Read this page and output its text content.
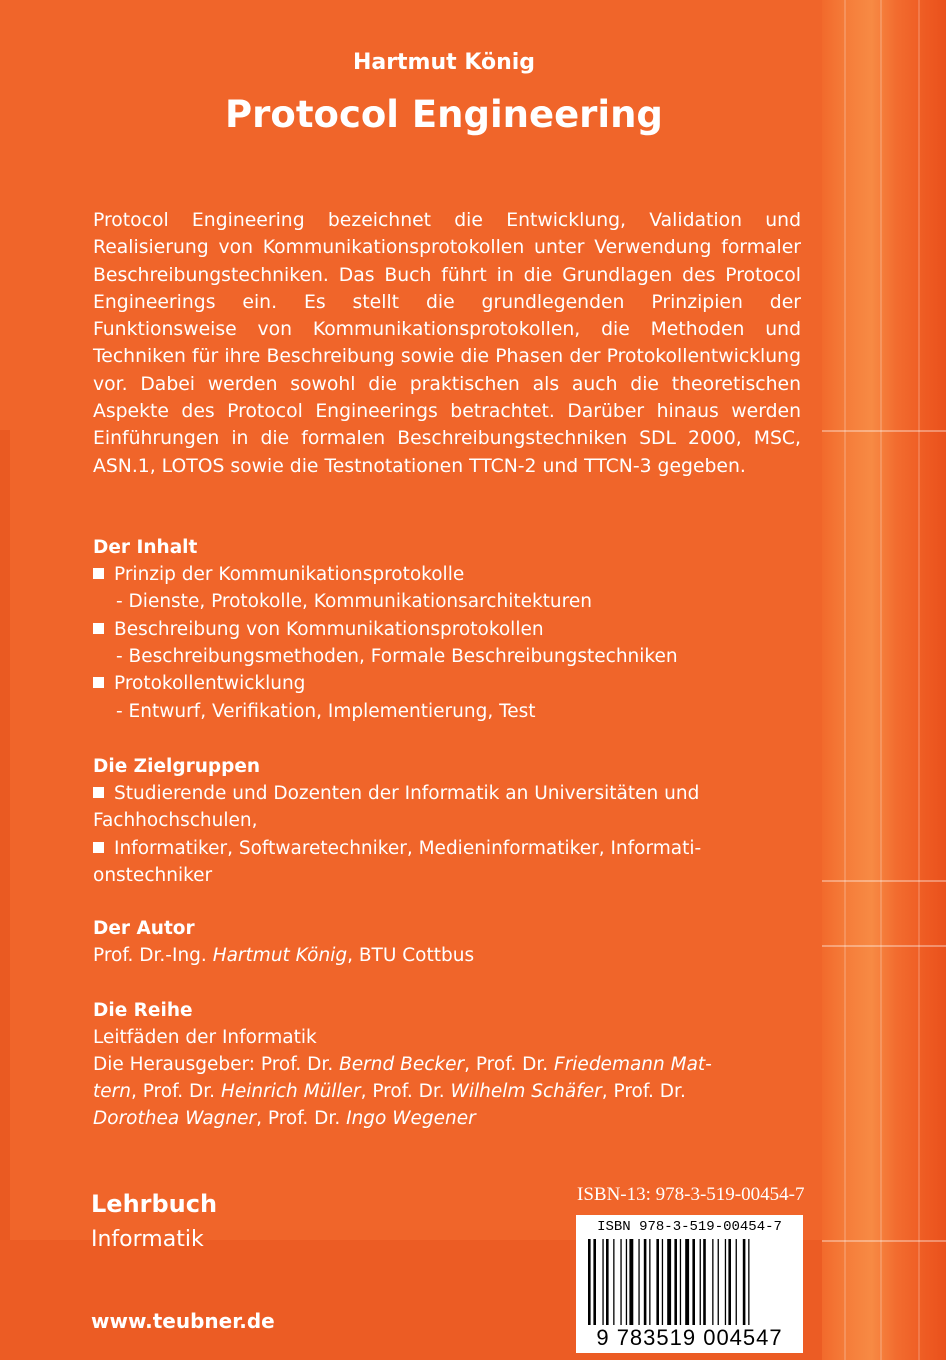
Hartmut König
Protocol Engineering

Protocol Engineering bezeichnet die Entwicklung, Validation und Realisierung von Kommunikationsprotokollen unter Verwendung formaler Beschreibungstechniken. Das Buch führt in die Grundlagen des Protocol Engineerings ein. Es stellt die grundlegenden Prinzipien der Funktionsweise von Kommunikationsprotokollen, die Methoden und Techniken für ihre Beschreibung sowie die Phasen der Protokollentwicklung vor. Dabei werden sowohl die praktischen als auch die theoretischen Aspekte des Protocol Engineerings betrachtet. Darüber hinaus werden Einführungen in die formalen Beschreibungstechniken SDL 2000, MSC, ASN.1, LOTOS sowie die Testnotationen TTCN-2 und TTCN-3 gegeben.

Der Inhalt
Prinzip der Kommunikationsprotokolle
- Dienste, Protokolle, Kommunikationsarchitekturen
Beschreibung von Kommunikationsprotokollen
- Beschreibungsmethoden, Formale Beschreibungstechniken
Protokollentwicklung
- Entwurf, Verifikation, Implementierung, Test
Die Zielgruppen
Studierende und Dozenten der Informatik an Universitäten und
Fachhochschulen,
Informatiker, Softwaretechniker, Medieninformatiker, Informati-
onstechniker
Der Autor
Prof. Dr.-Ing. Hartmut König, BTU Cottbus
Die Reihe
Leitfäden der Informatik
Die Herausgeber: Prof. Dr. Bernd Becker, Prof. Dr. Friedemann Mat-
tern, Prof. Dr. Heinrich Müller, Prof. Dr. Wilhelm Schäfer, Prof. Dr.
Dorothea Wagner, Prof. Dr. Ingo Wegener
Lehrbuch
Informatik
www.teubner.de
ISBN-13: 978-3-519-00454-7
ISBN 978-3-519-00454-7
9 783519 004547
